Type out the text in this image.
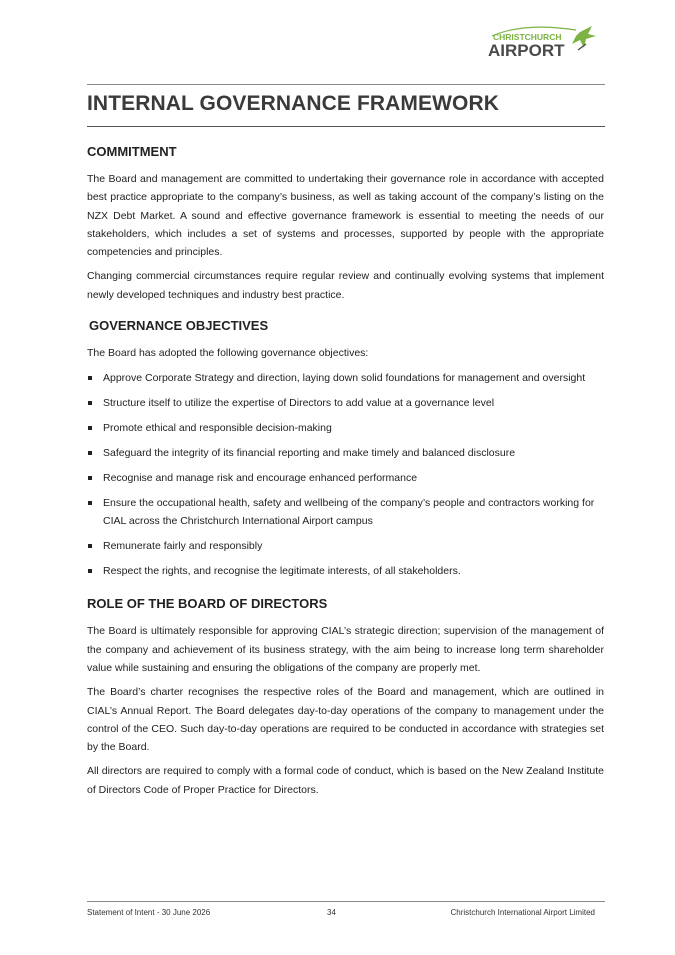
CHRISTCHURCH
AIRPORT
INTERNAL GOVERNANCE FRAMEWORK
COMMITMENT

The Board and management are committed to undertaking their governance role in accordance with accepted best practice appropriate to the company’s business, as well as taking account of the company’s listing on the NZX Debt Market. A sound and effective governance framework is essential to meeting the needs of our stakeholders, which includes a set of systems and processes, supported by people with the appropriate competencies and principles.

Changing commercial circumstances require regular review and continually evolving systems that implement newly developed techniques and industry best practice.

GOVERNANCE OBJECTIVES

The Board has adopted the following governance objectives:

Approve Corporate Strategy and direction, laying down solid foundations for management and oversight
Structure itself to utilize the expertise of Directors to add value at a governance level
Promote ethical and responsible decision-making
Safeguard the integrity of its financial reporting and make timely and balanced disclosure
Recognise and manage risk and encourage enhanced performance
Ensure the occupational health, safety and wellbeing of the company’s people and contractors working for CIAL across the Christchurch International Airport campus
Remunerate fairly and responsibly
Respect the rights, and recognise the legitimate interests, of all stakeholders.
ROLE OF THE BOARD OF DIRECTORS

The Board is ultimately responsible for approving CIAL’s strategic direction; supervision of the management of the company and achievement of its business strategy, with the aim being to increase long term shareholder value while sustaining and ensuring the obligations of the company are properly met.

The Board’s charter recognises the respective roles of the Board and management, which are outlined in CIAL’s Annual Report. The Board delegates day-to-day operations of the company to management under the control of the CEO. Such day-to-day operations are required to be conducted in accordance with strategies set by the Board.

All directors are required to comply with a formal code of conduct, which is based on the New Zealand Institute of Directors Code of Proper Practice for Directors.

Statement of Intent - 30 June 2026	34	Christchurch International Airport Limited
